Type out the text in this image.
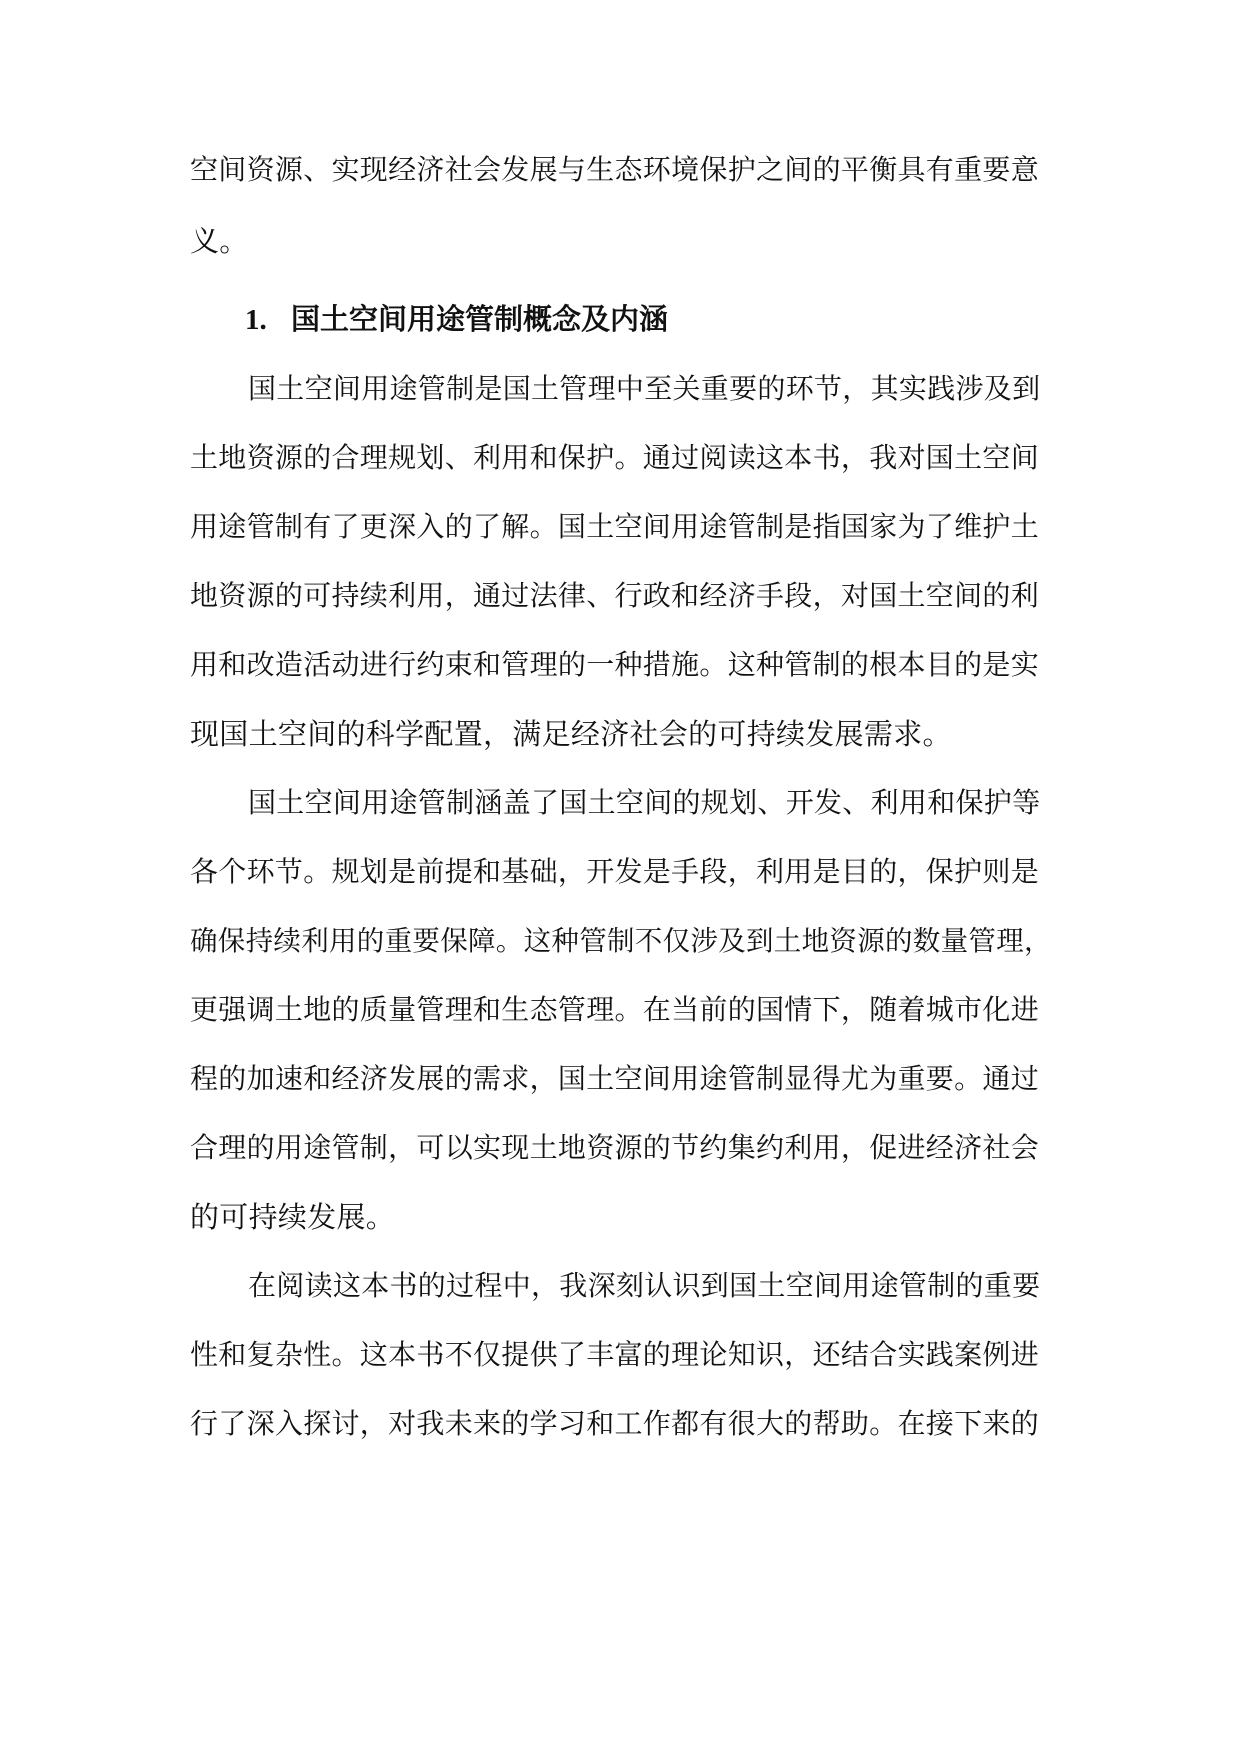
空间资源、实现经济社会发展与生态环境保护之间的平衡具有重要意
义。
1. 国土空间用途管制概念及内涵
国土空间用途管制是国土管理中至关重要的环节，其实践涉及到
土地资源的合理规划、利用和保护。通过阅读这本书，我对国土空间
用途管制有了更深入的了解。国土空间用途管制是指国家为了维护土
地资源的可持续利用，通过法律、行政和经济手段，对国土空间的利
用和改造活动进行约束和管理的一种措施。这种管制的根本目的是实
现国土空间的科学配置，满足经济社会的可持续发展需求。
国土空间用途管制涵盖了国土空间的规划、开发、利用和保护等
各个环节。规划是前提和基础，开发是手段，利用是目的，保护则是
确保持续利用的重要保障。这种管制不仅涉及到土地资源的数量管理，
更强调土地的质量管理和生态管理。在当前的国情下，随着城市化进
程的加速和经济发展的需求，国土空间用途管制显得尤为重要。通过
合理的用途管制，可以实现土地资源的节约集约利用，促进经济社会
的可持续发展。
在阅读这本书的过程中，我深刻认识到国土空间用途管制的重要
性和复杂性。这本书不仅提供了丰富的理论知识，还结合实践案例进
行了深入探讨，对我未来的学习和工作都有很大的帮助。在接下来的
